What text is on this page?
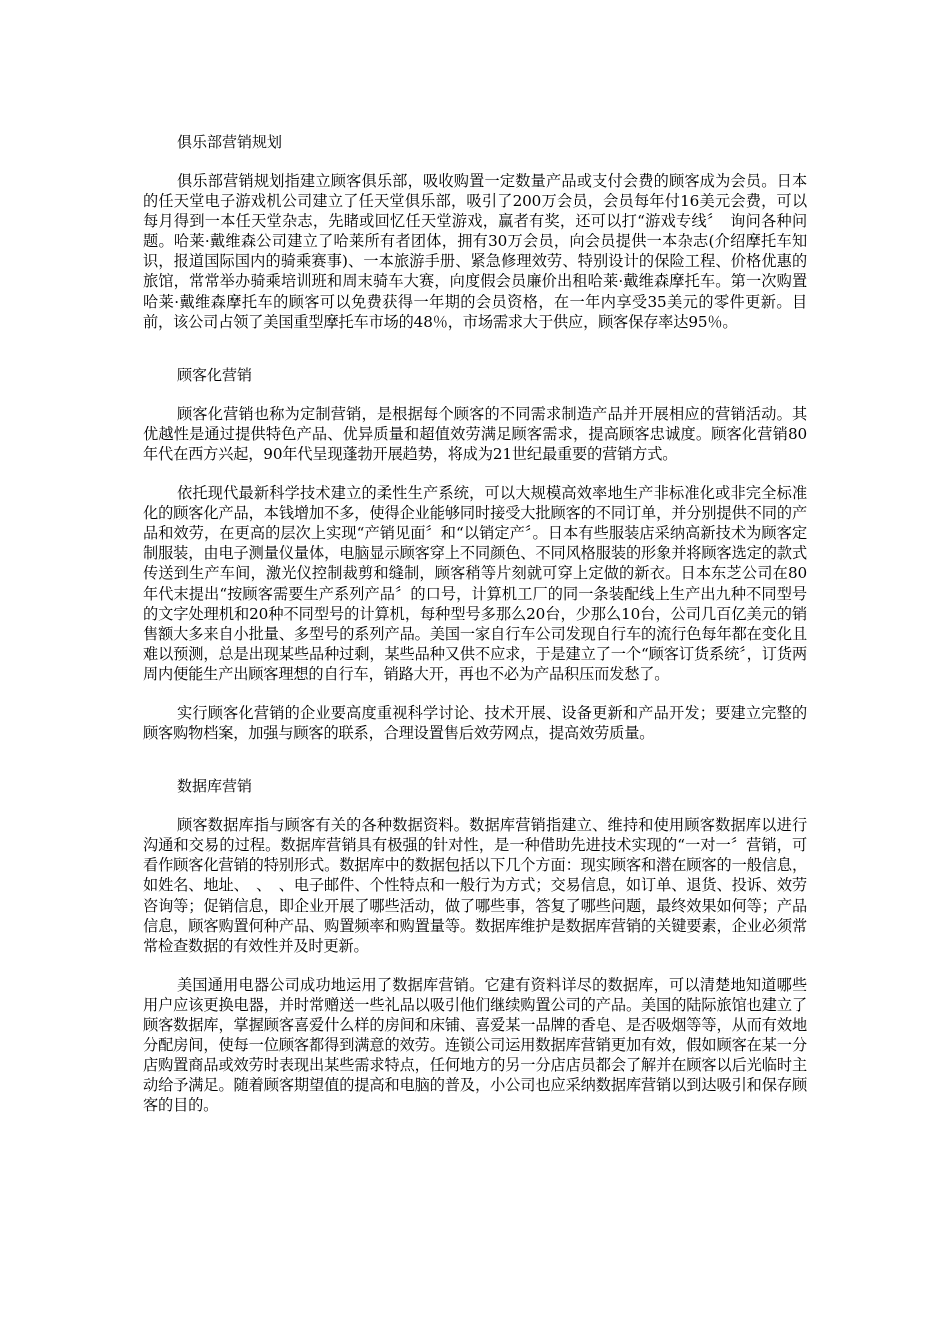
俱乐部营销规划

俱乐部营销规划指建立顾客俱乐部，吸收购置一定数量产品或支付会费的顾客成为会员。日本的任天堂电子游戏机公司建立了任天堂俱乐部，吸引了200万会员，会员每年付16美元会费，可以每月得到一本任天堂杂志，先睹或回忆任天堂游戏，赢者有奖，还可以打“游戏专线〞　询问各种问题。哈莱·戴维森公司建立了哈莱所有者团体，拥有30万会员，向会员提供一本杂志(介绍摩托车知识，报道国际国内的骑乘赛事)、一本旅游手册、紧急修理效劳、特别设计的保险工程、价格优惠的旅馆，常常举办骑乘培训班和周末骑车大赛，向度假会员廉价出租哈莱·戴维森摩托车。第一次购置哈莱·戴维森摩托车的顾客可以免费获得一年期的会员资格，在一年内享受35美元的零件更新。目前，该公司占领了美国重型摩托车市场的48％，市场需求大于供应，顾客保存率达95％。

顾客化营销

顾客化营销也称为定制营销，是根据每个顾客的不同需求制造产品并开展相应的营销活动。其优越性是通过提供特色产品、优异质量和超值效劳满足顾客需求，提高顾客忠诚度。顾客化营销80年代在西方兴起，90年代呈现蓬勃开展趋势，将成为21世纪最重要的营销方式。

依托现代最新科学技术建立的柔性生产系统，可以大规模高效率地生产非标准化或非完全标准化的顾客化产品，本钱增加不多，使得企业能够同时接受大批顾客的不同订单，并分别提供不同的产品和效劳，在更高的层次上实现“产销见面〞和“以销定产〞。日本有些服装店采纳高新技术为顾客定制服装，由电子测量仪量体，电脑显示顾客穿上不同颜色、不同风格服装的形象并将顾客选定的款式传送到生产车间，激光仪控制裁剪和缝制，顾客稍等片刻就可穿上定做的新衣。日本东芝公司在80年代末提出“按顾客需要生产系列产品〞的口号，计算机工厂的同一条装配线上生产出九种不同型号的文字处理机和20种不同型号的计算机，每种型号多那么20台，少那么10台，公司几百亿美元的销售额大多来自小批量、多型号的系列产品。美国一家自行车公司发现自行车的流行色每年都在变化且难以预测，总是出现某些品种过剩，某些品种又供不应求，于是建立了一个“顾客订货系统〞，订货两周内便能生产出顾客理想的自行车，销路大开，再也不必为产品积压而发愁了。

实行顾客化营销的企业要高度重视科学讨论、技术开展、设备更新和产品开发；要建立完整的顾客购物档案，加强与顾客的联系，合理设置售后效劳网点，提高效劳质量。

数据库营销

顾客数据库指与顾客有关的各种数据资料。数据库营销指建立、维持和使用顾客数据库以进行沟通和交易的过程。数据库营销具有极强的针对性，是一种借助先进技术实现的“一对一〞营销，可看作顾客化营销的特别形式。数据库中的数据包括以下几个方面：现实顾客和潜在顾客的一般信息，如姓名、地址、　、　、电子邮件、个性特点和一般行为方式；交易信息，如订单、退货、投诉、效劳咨询等；促销信息，即企业开展了哪些活动，做了哪些事，答复了哪些问题，最终效果如何等；产品信息，顾客购置何种产品、购置频率和购置量等。数据库维护是数据库营销的关键要素，企业必须常常检查数据的有效性并及时更新。

美国通用电器公司成功地运用了数据库营销。它建有资料详尽的数据库，可以清楚地知道哪些用户应该更换电器，并时常赠送一些礼品以吸引他们继续购置公司的产品。美国的陆际旅馆也建立了顾客数据库，掌握顾客喜爱什么样的房间和床铺、喜爱某一品牌的香皂、是否吸烟等等，从而有效地分配房间，使每一位顾客都得到满意的效劳。连锁公司运用数据库营销更加有效，假如顾客在某一分店购置商品或效劳时表现出某些需求特点，任何地方的另一分店店员都会了解并在顾客以后光临时主动给予满足。随着顾客期望值的提高和电脑的普及，小公司也应采纳数据库营销以到达吸引和保存顾客的目的。
